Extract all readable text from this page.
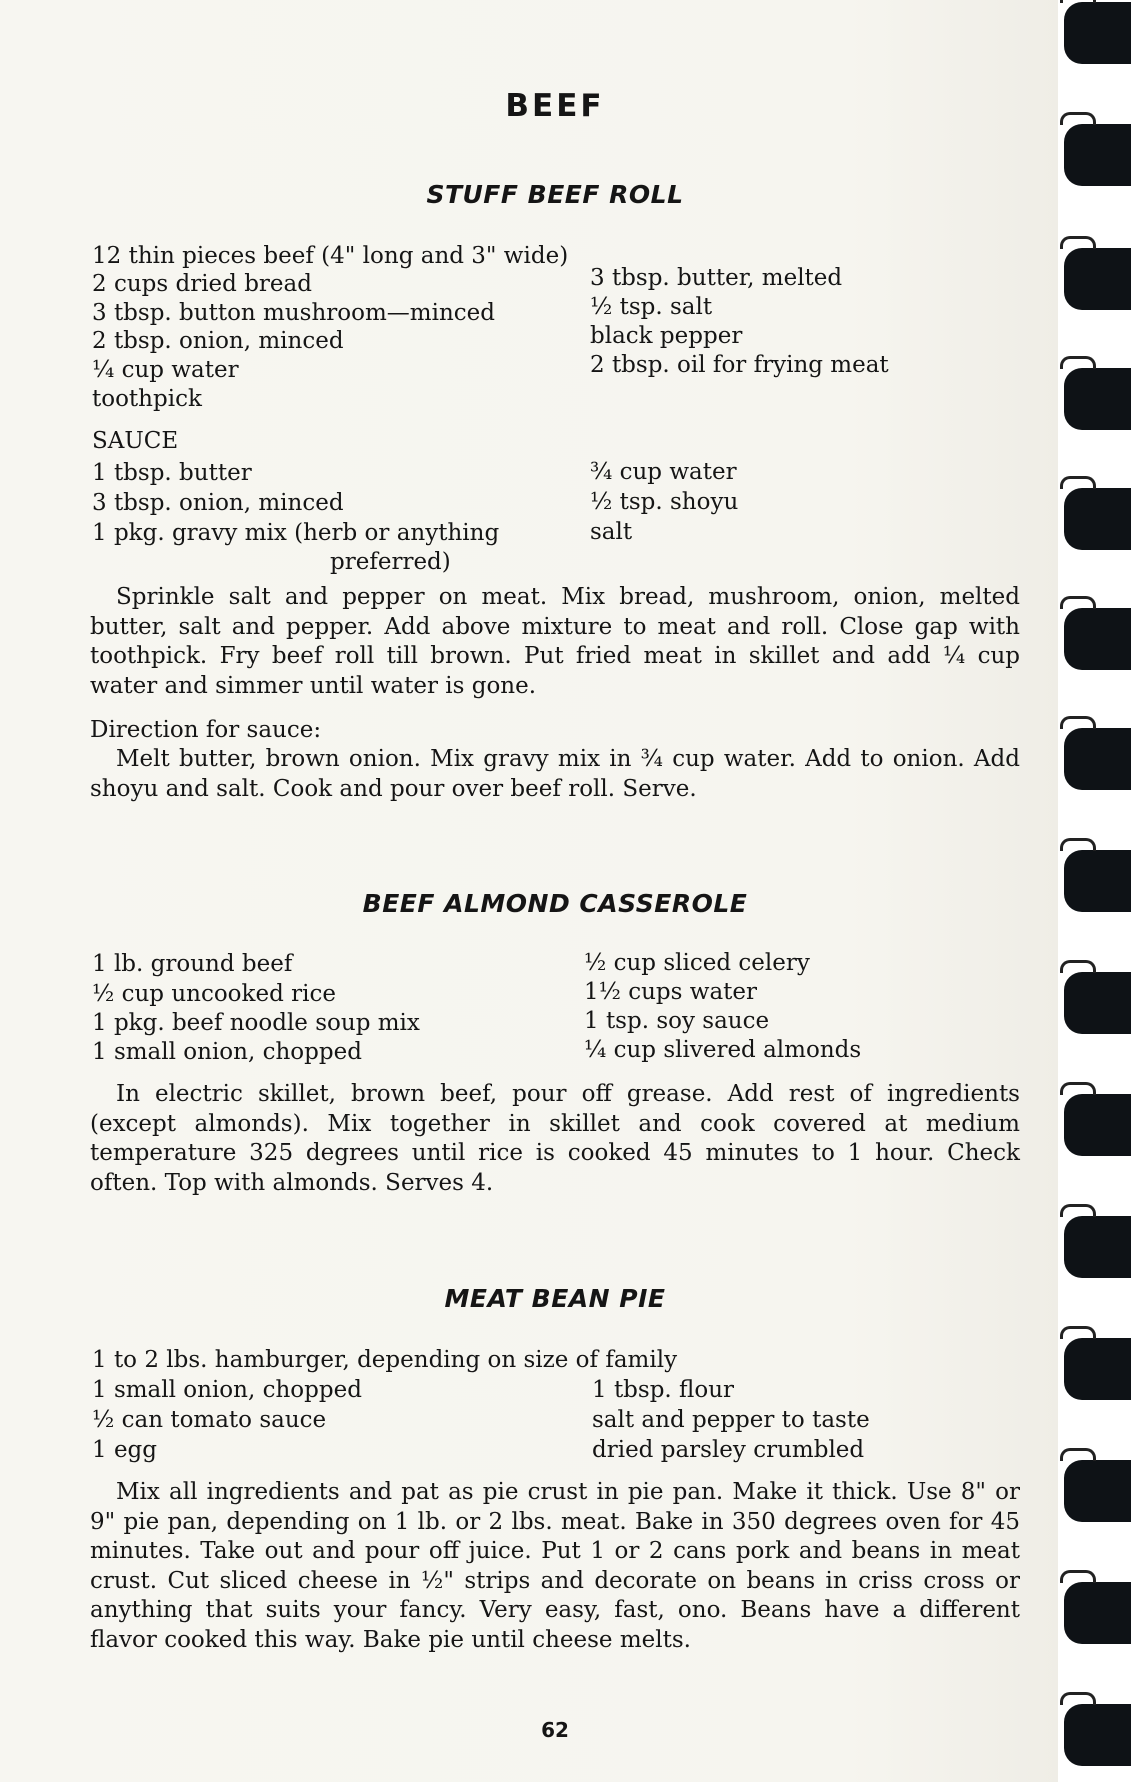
BEEF
STUFF BEEF ROLL
12 thin pieces beef (4" long and 3" wide)
2 cups dried bread
3 tbsp. button mushroom—minced
2 tbsp. onion, minced
¼ cup water
toothpick
3 tbsp. butter, melted
½ tsp. salt
black pepper
2 tbsp. oil for frying meat
SAUCE
1 tbsp. butter
3 tbsp. onion, minced
1 pkg. gravy mix (herb or anything
preferred)
¾ cup water
½ tsp. shoyu
salt
Sprinkle salt and pepper on meat. Mix bread, mushroom, onion, melted butter, salt and pepper. Add above mixture to meat and roll. Close gap with toothpick. Fry beef roll till brown. Put fried meat in skillet and add ¼ cup water and simmer until water is gone.
Direction for sauce:
Melt butter, brown onion. Mix gravy mix in ¾ cup water. Add to onion. Add shoyu and salt. Cook and pour over beef roll. Serve.
BEEF ALMOND CASSEROLE
1 lb. ground beef
½ cup uncooked rice
1 pkg. beef noodle soup mix
1 small onion, chopped
½ cup sliced celery
1½ cups water
1 tsp. soy sauce
¼ cup slivered almonds
In electric skillet, brown beef, pour off grease. Add rest of ingredients (except almonds). Mix together in skillet and cook covered at medium temperature 325 degrees until rice is cooked 45 minutes to 1 hour. Check often. Top with almonds. Serves 4.
MEAT BEAN PIE
1 to 2 lbs. hamburger, depending on size of family
1 small onion, chopped
½ can tomato sauce
1 egg
1 tbsp. flour
salt and pepper to taste
dried parsley crumbled
Mix all ingredients and pat as pie crust in pie pan. Make it thick. Use 8" or 9" pie pan, depending on 1 lb. or 2 lbs. meat. Bake in 350 degrees oven for 45 minutes. Take out and pour off juice. Put 1 or 2 cans pork and beans in meat crust. Cut sliced cheese in ½" strips and decorate on beans in criss cross or anything that suits your fancy. Very easy, fast, ono. Beans have a different flavor cooked this way. Bake pie until cheese melts.
62
